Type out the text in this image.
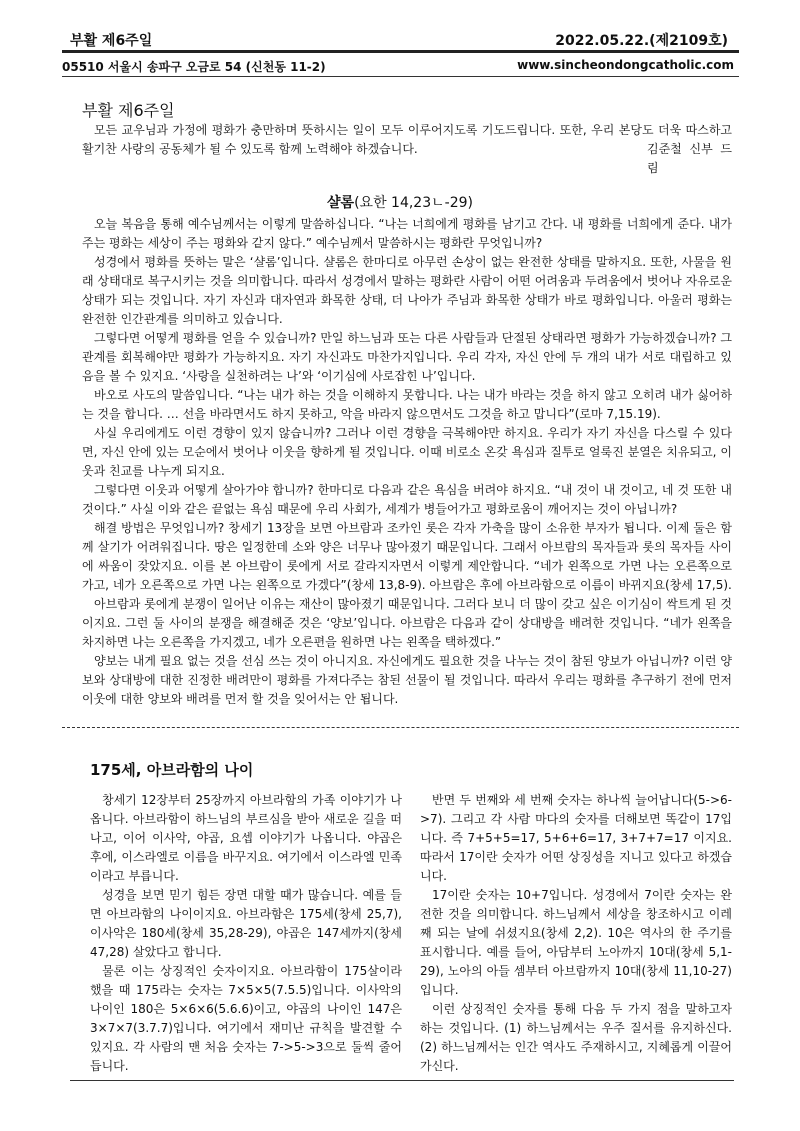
부활 제6주일	2022.05.22.(제2109호)
05510 서울시 송파구 오금로 54 (신천동 11-2)	www.sincheondongcatholic.com
부활 제6주일
모든 교우님과 가정에 평화가 충만하며 뜻하시는 일이 모두 이루어지도록 기도드립니다. 또한, 우리 본당도 더욱 따스하고 활기찬 사랑의 공동체가 될 수 있도록 함께 노력해야 하겠습니다.	김준철 신부 드림
샬롬(요한 14,23ㄴ-29)

오늘 복음을 통해 예수님께서는 이렇게 말씀하십니다. “나는 너희에게 평화를 남기고 간다. 내 평화를 너희에게 준다. 내가 주는 평화는 세상이 주는 평화와 같지 않다.” 예수님께서 말씀하시는 평화란 무엇입니까?

성경에서 평화를 뜻하는 말은 ‘샬롬’입니다. 샬롬은 한마디로 아무런 손상이 없는 완전한 상태를 말하지요. 또한, 사물을 원래 상태대로 복구시키는 것을 의미합니다. 따라서 성경에서 말하는 평화란 사람이 어떤 어려움과 두려움에서 벗어나 자유로운 상태가 되는 것입니다. 자기 자신과 대자연과 화목한 상태, 더 나아가 주님과 화목한 상태가 바로 평화입니다. 아울러 평화는 완전한 인간관계를 의미하고 있습니다.

그렇다면 어떻게 평화를 얻을 수 있습니까? 만일 하느님과 또는 다른 사람들과 단절된 상태라면 평화가 가능하겠습니까? 그 관계를 회복해야만 평화가 가능하지요. 자기 자신과도 마찬가지입니다. 우리 각자, 자신 안에 두 개의 내가 서로 대립하고 있음을 볼 수 있지요. ‘사랑을 실천하려는 나’와 ‘이기심에 사로잡힌 나’입니다.

바오로 사도의 말씀입니다. “나는 내가 하는 것을 이해하지 못합니다. 나는 내가 바라는 것을 하지 않고 오히려 내가 싫어하는 것을 합니다. … 선을 바라면서도 하지 못하고, 악을 바라지 않으면서도 그것을 하고 맙니다”(로마 7,15.19).

사실 우리에게도 이런 경향이 있지 않습니까? 그러나 이런 경향을 극복해야만 하지요. 우리가 자기 자신을 다스릴 수 있다면, 자신 안에 있는 모순에서 벗어나 이웃을 향하게 될 것입니다. 이때 비로소 온갖 욕심과 질투로 얼룩진 분열은 치유되고, 이웃과 친교를 나누게 되지요.

그렇다면 이웃과 어떻게 살아가야 합니까? 한마디로 다음과 같은 욕심을 버려야 하지요. “내 것이 내 것이고, 네 것 또한 내 것이다.” 사실 이와 같은 끝없는 욕심 때문에 우리 사회가, 세계가 병들어가고 평화로움이 깨어지는 것이 아닙니까?

해결 방법은 무엇입니까? 창세기 13장을 보면 아브람과 조카인 롯은 각자 가축을 많이 소유한 부자가 됩니다. 이제 둘은 함께 살기가 어려워집니다. 땅은 일정한데 소와 양은 너무나 많아졌기 때문입니다. 그래서 아브람의 목자들과 롯의 목자들 사이에 싸움이 잦았지요. 이를 본 아브람이 롯에게 서로 갈라지자면서 이렇게 제안합니다. “네가 왼쪽으로 가면 나는 오른쪽으로 가고, 네가 오른쪽으로 가면 나는 왼쪽으로 가겠다”(창세 13,8-9). 아브람은 후에 아브라함으로 이름이 바뀌지요(창세 17,5).

아브람과 롯에게 분쟁이 일어난 이유는 재산이 많아졌기 때문입니다. 그러다 보니 더 많이 갖고 싶은 이기심이 싹트게 된 것이지요. 그런 둘 사이의 분쟁을 해결해준 것은 ‘양보’입니다. 아브람은 다음과 같이 상대방을 배려한 것입니다. “네가 왼쪽을 차지하면 나는 오른쪽을 가지겠고, 네가 오른편을 원하면 나는 왼쪽을 택하겠다.”

양보는 내게 필요 없는 것을 선심 쓰는 것이 아니지요. 자신에게도 필요한 것을 나누는 것이 참된 양보가 아닙니까? 이런 양보와 상대방에 대한 진정한 배려만이 평화를 가져다주는 참된 선물이 될 것입니다. 따라서 우리는 평화를 추구하기 전에 먼저 이웃에 대한 양보와 배려를 먼저 할 것을 잊어서는 안 됩니다.

175세, 아브라함의 나이

창세기 12장부터 25장까지 아브라함의 가족 이야기가 나옵니다. 아브라함이 하느님의 부르심을 받아 새로운 길을 떠나고, 이어 이사악, 야곱, 요셉 이야기가 나옵니다. 야곱은 후에, 이스라엘로 이름을 바꾸지요. 여기에서 이스라엘 민족이라고 부릅니다.

성경을 보면 믿기 힘든 장면 대할 때가 많습니다. 예를 들면 아브라함의 나이이지요. 아브라함은 175세(창세 25,7), 이사악은 180세(창세 35,28-29), 야곱은 147세까지(창세 47,28) 살았다고 합니다.

물론 이는 상징적인 숫자이지요. 아브라함이 175살이라 했을 때 175라는 숫자는 7×5×5(7.5.5)입니다. 이사악의 나이인 180은 5×6×6(5.6.6)이고, 야곱의 나이인 147은 3×7×7(3.7.7)입니다. 여기에서 재미난 규칙을 발견할 수 있지요. 각 사람의 맨 처음 숫자는 7->5->3으로 둘씩 줄어듭니다.

반면 두 번째와 세 번째 숫자는 하나씩 늘어납니다(5->6->7). 그리고 각 사람 마다의 숫자를 더해보면 똑같이 17입니다. 즉 7+5+5=17, 5+6+6=17, 3+7+7=17 이지요. 따라서 17이란 숫자가 어떤 상징성을 지니고 있다고 하겠습니다.

17이란 숫자는 10+7입니다. 성경에서 7이란 숫자는 완전한 것을 의미합니다. 하느님께서 세상을 창조하시고 이레째 되는 날에 쉬셨지요(창세 2,2). 10은 역사의 한 주기를 표시합니다. 예를 들어, 아담부터 노아까지 10대(창세 5,1-29), 노아의 아들 셈부터 아브람까지 10대(창세 11,10-27)입니다.

이런 상징적인 숫자를 통해 다음 두 가지 점을 말하고자 하는 것입니다. (1) 하느님께서는 우주 질서를 유지하신다. (2) 하느님께서는 인간 역사도 주재하시고, 지혜롭게 이끌어 가신다.
